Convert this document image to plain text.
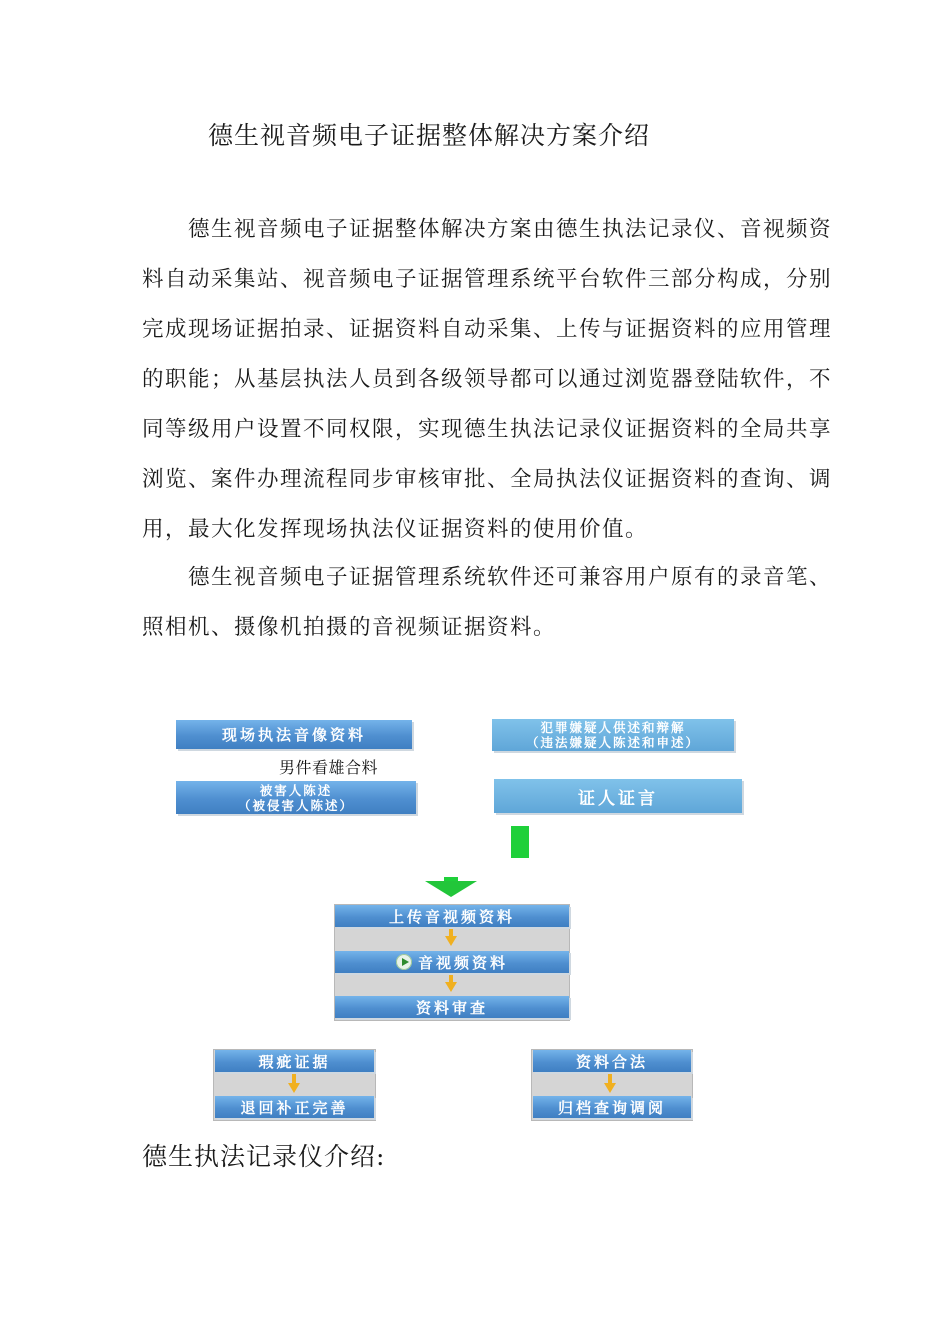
德生视音频电子证据整体解决方案介绍

德生视音频电子证据整体解决方案由德生执法记录仪、音视频资料自动采集站、视音频电子证据管理系统平台软件三部分构成，分别完成现场证据拍录、证据资料自动采集、上传与证据资料的应用管理的职能；从基层执法人员到各级领导都可以通过浏览器登陆软件，不同等级用户设置不同权限，实现德生执法记录仪证据资料的全局共享浏览、案件办理流程同步审核审批、全局执法仪证据资料的查询、调用，最大化发挥现场执法仪证据资料的使用价值。

德生视音频电子证据管理系统软件还可兼容用户原有的录音笔、照相机、摄像机拍摄的音视频证据资料。

现场执法音像资料	犯罪嫌疑人供述和辩解
（违法嫌疑人陈述和申述）
男件看雄合料
被害人陈述
（被侵害人陈述）	证人证言
上传音视频资料
音视频资料
资料审查
瑕疵证据
退回补正完善
资料合法
归档查询调阅
德生执法记录仪介绍:
